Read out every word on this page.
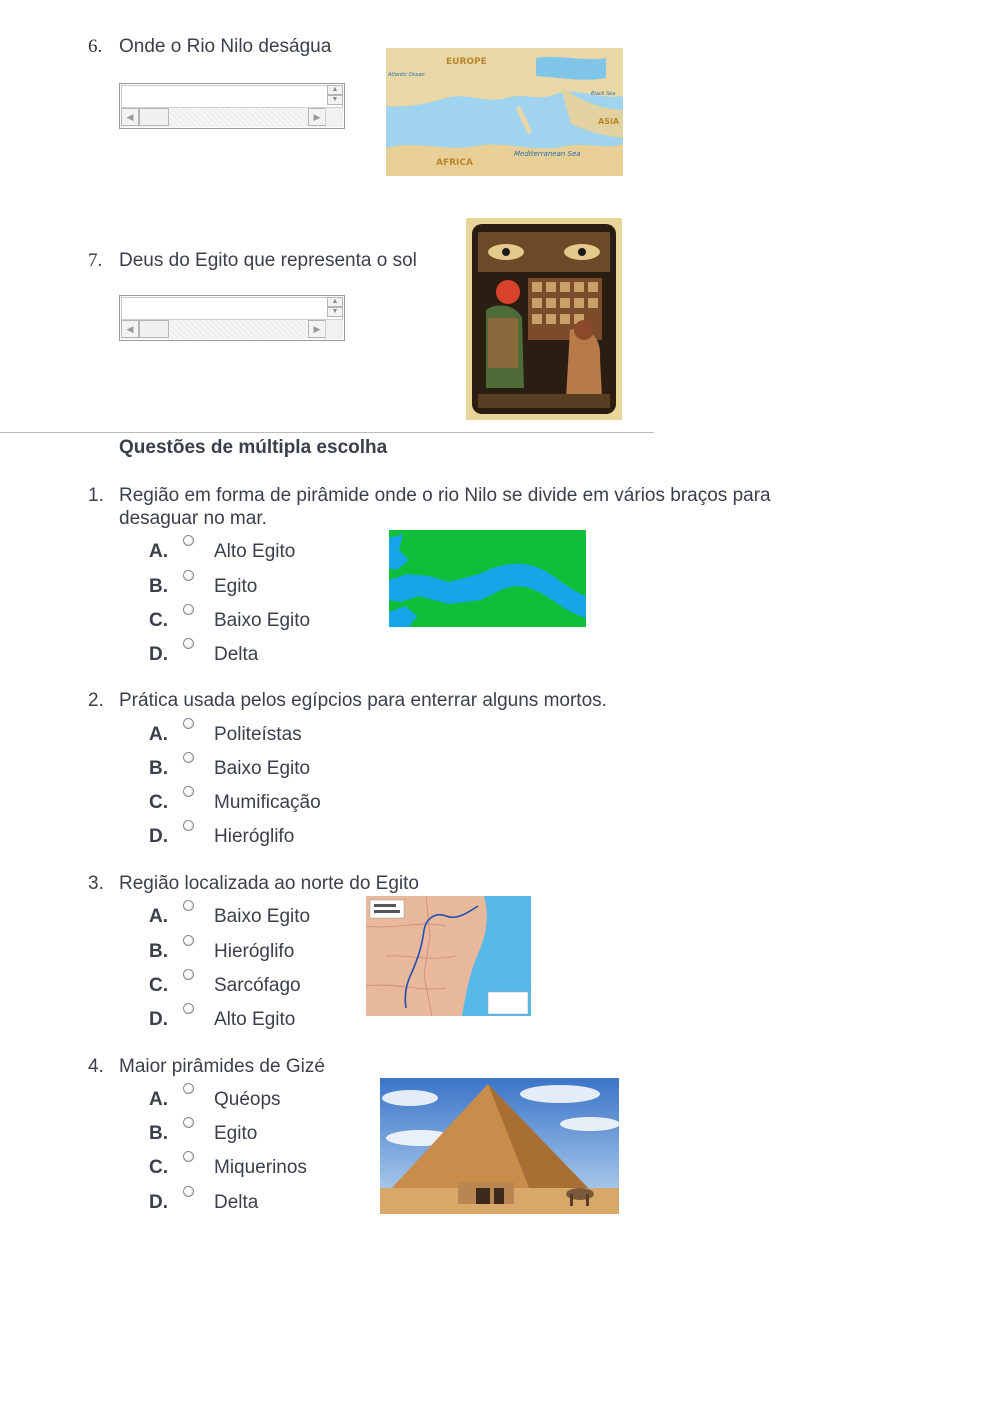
6. Onde o Rio Nilo deságua
▲
▼
◀	▶
EUROPE
AFRICA
ASIA
Mediterranean Sea
Black Sea
Atlantic Ocean
7. Deus do Egito que representa o sol
▲
▼
◀	▶
Questões de múltipla escolha
1. Região em forma de pirâmide onde o rio Nilo se divide em vários braços para
desaguar no mar.
A. Alto Egito
B. Egito
C. Baixo Egito
D. Delta
2. Prática usada pelos egípcios para enterrar alguns mortos.
A. Politeístas
B. Baixo Egito
C. Mumificação
D. Hieróglifo
3. Região localizada ao norte do Egito
A. Baixo Egito
B. Hieróglifo
C. Sarcófago
D. Alto Egito
4. Maior pirâmides de Gizé
A. Quéops
B. Egito
C. Miquerinos
D. Delta
